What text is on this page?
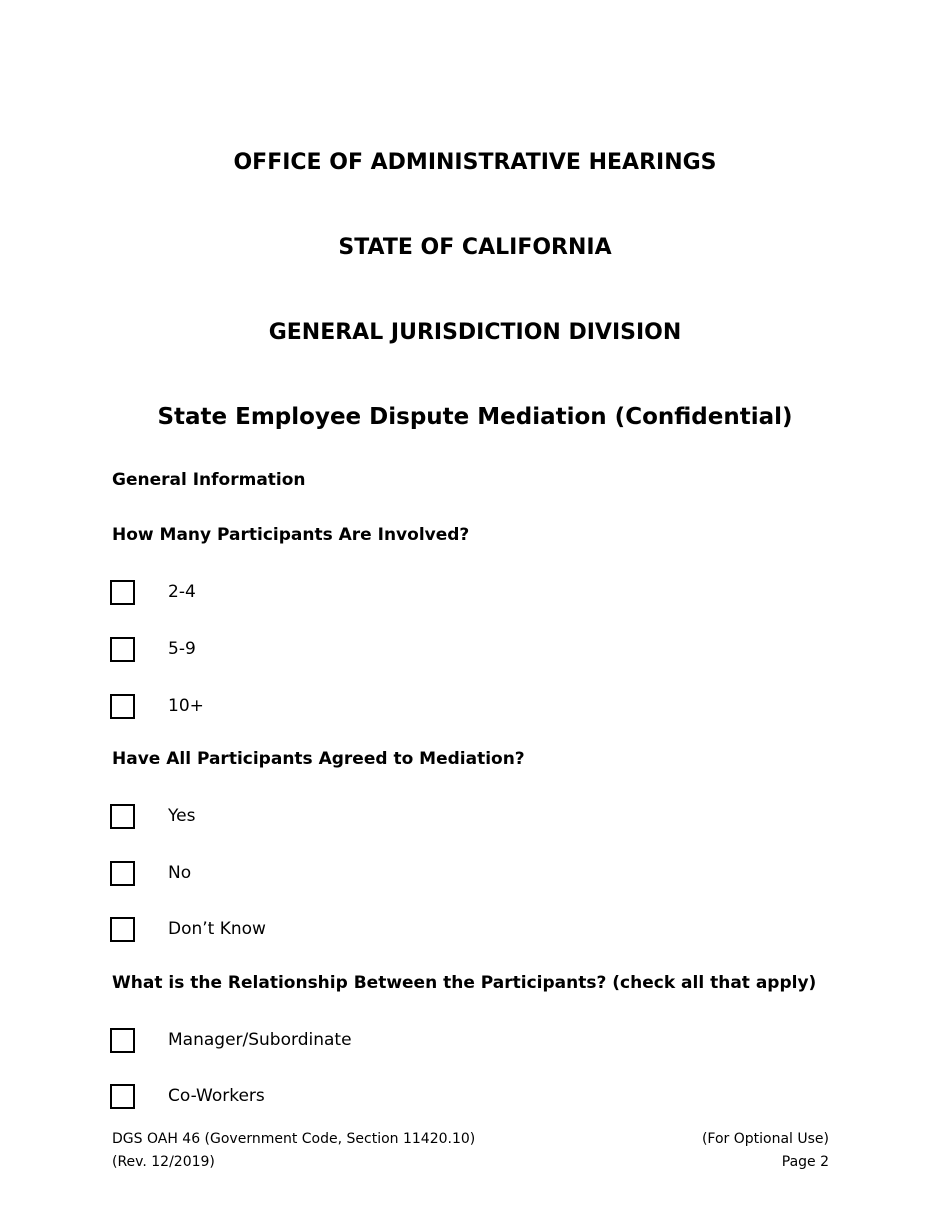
OFFICE OF ADMINISTRATIVE HEARINGS
STATE OF CALIFORNIA
GENERAL JURISDICTION DIVISION
State Employee Dispute Mediation (Confidential)
General Information
How Many Participants Are Involved?
2-4
5-9
10+
Have All Participants Agreed to Mediation?
Yes
No
Don’t Know
What is the Relationship Between the Participants? (check all that apply)
Manager/Subordinate
Co-Workers
DGS OAH 46 (Government Code, Section 11420.10)
(Rev. 12/2019)
(For Optional Use)
Page 2
